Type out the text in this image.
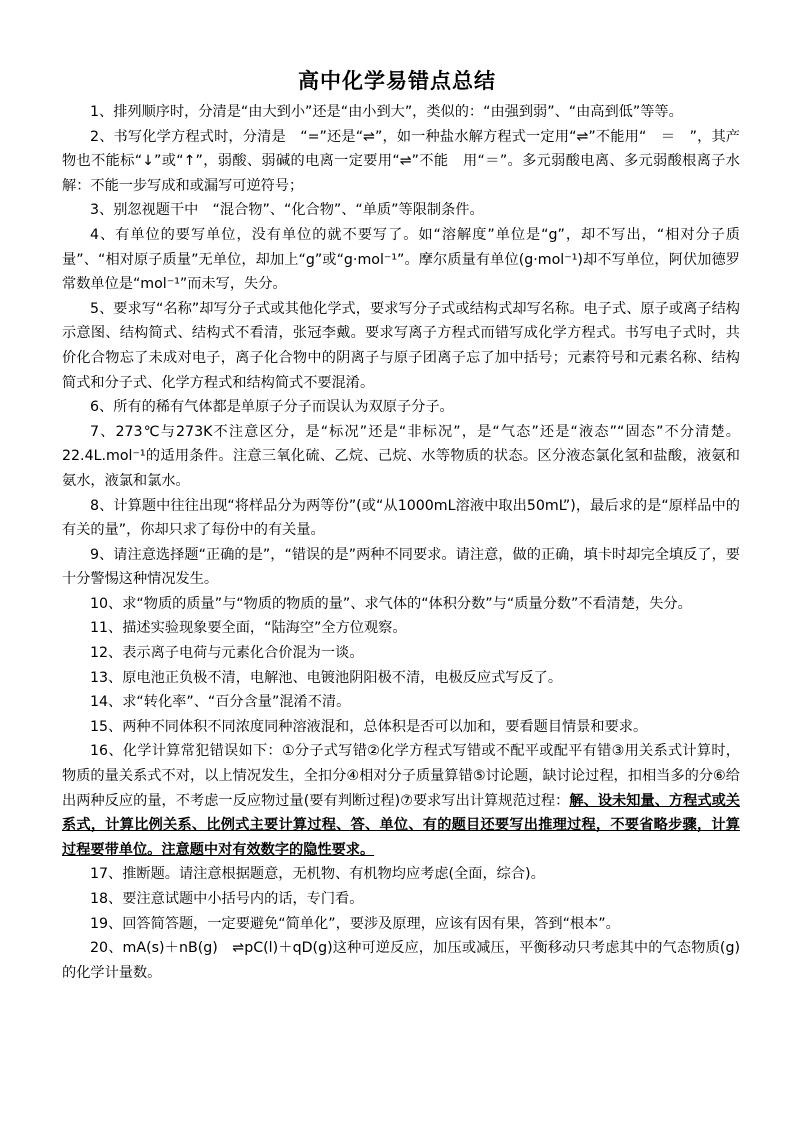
高中化学易错点总结

1、排列顺序时，分清是“由大到小”还是“由小到大”，类似的：“由强到弱”、“由高到低”等等。

2、书写化学方程式时，分清是　“=”还是“⇌”，如一种盐水解方程式一定用“⇌”不能用“　＝　”，其产物也不能标“↓”或“↑”，弱酸、弱碱的电离一定要用“⇌”不能　用“＝”。多元弱酸电离、多元弱酸根离子水解：不能一步写成和或漏写可逆符号；

3、别忽视题干中　“混合物”、“化合物”、“单质”等限制条件。

4、有单位的要写单位，没有单位的就不要写了。如“溶解度”单位是“g”，却不写出，“相对分子质量”、“相对原子质量”无单位，却加上“g”或“g·mol⁻¹”。摩尔质量有单位(g·mol⁻¹)却不写单位，阿伏加德罗常数单位是“mol⁻¹”而未写，失分。

5、要求写“名称”却写分子式或其他化学式，要求写分子式或结构式却写名称。电子式、原子或离子结构示意图、结构简式、结构式不看清，张冠李戴。要求写离子方程式而错写成化学方程式。书写电子式时，共价化合物忘了未成对电子，离子化合物中的阴离子与原子团离子忘了加中括号；元素符号和元素名称、结构简式和分子式、化学方程式和结构简式不要混淆。

6、所有的稀有气体都是单原子分子而误认为双原子分子。

7、273℃与273K不注意区分，是“标况”还是“非标况”，是“气态”还是“液态”“固态”不分清楚。22.4L.mol⁻¹的适用条件。注意三氧化硫、乙烷、己烷、水等物质的状态。区分液态氯化氢和盐酸，液氨和氨水，液氯和氯水。

8、计算题中往往出现“将样品分为两等份”(或“从1000mL溶液中取出50mL”)，最后求的是“原样品中的有关的量”，你却只求了每份中的有关量。

9、请注意选择题“正确的是”，“错误的是”两种不同要求。请注意，做的正确，填卡时却完全填反了，要十分警惕这种情况发生。

10、求“物质的质量”与“物质的物质的量”、求气体的“体积分数”与“质量分数”不看清楚，失分。

11、描述实验现象要全面，“陆海空”全方位观察。

12、表示离子电荷与元素化合价混为一谈。

13、原电池正负极不清，电解池、电镀池阴阳极不清，电极反应式写反了。

14、求“转化率”、“百分含量”混淆不清。

15、两种不同体积不同浓度同种溶液混和，总体积是否可以加和，要看题目情景和要求。

16、化学计算常犯错误如下：①分子式写错②化学方程式写错或不配平或配平有错③用关系式计算时，物质的量关系式不对，以上情况发生，全扣分④相对分子质量算错⑤讨论题，缺讨论过程，扣相当多的分⑥给出两种反应的量，不考虑一反应物过量(要有判断过程)⑦要求写出计算规范过程：解、设未知量、方程式或关系式，计算比例关系、比例式主要计算过程、答、单位、有的题目还要写出推理过程，不要省略步骤，计算过程要带单位。注意题中对有效数字的隐性要求。

17、推断题。请注意根据题意，无机物、有机物均应考虑(全面，综合)。

18、要注意试题中小括号内的话，专门看。

19、回答简答题，一定要避免“简单化”，要涉及原理，应该有因有果，答到“根本”。

20、mA(s)＋nB(g)　⇌pC(l)＋qD(g)这种可逆反应，加压或减压，平衡移动只考虑其中的气态物质(g)的化学计量数。
